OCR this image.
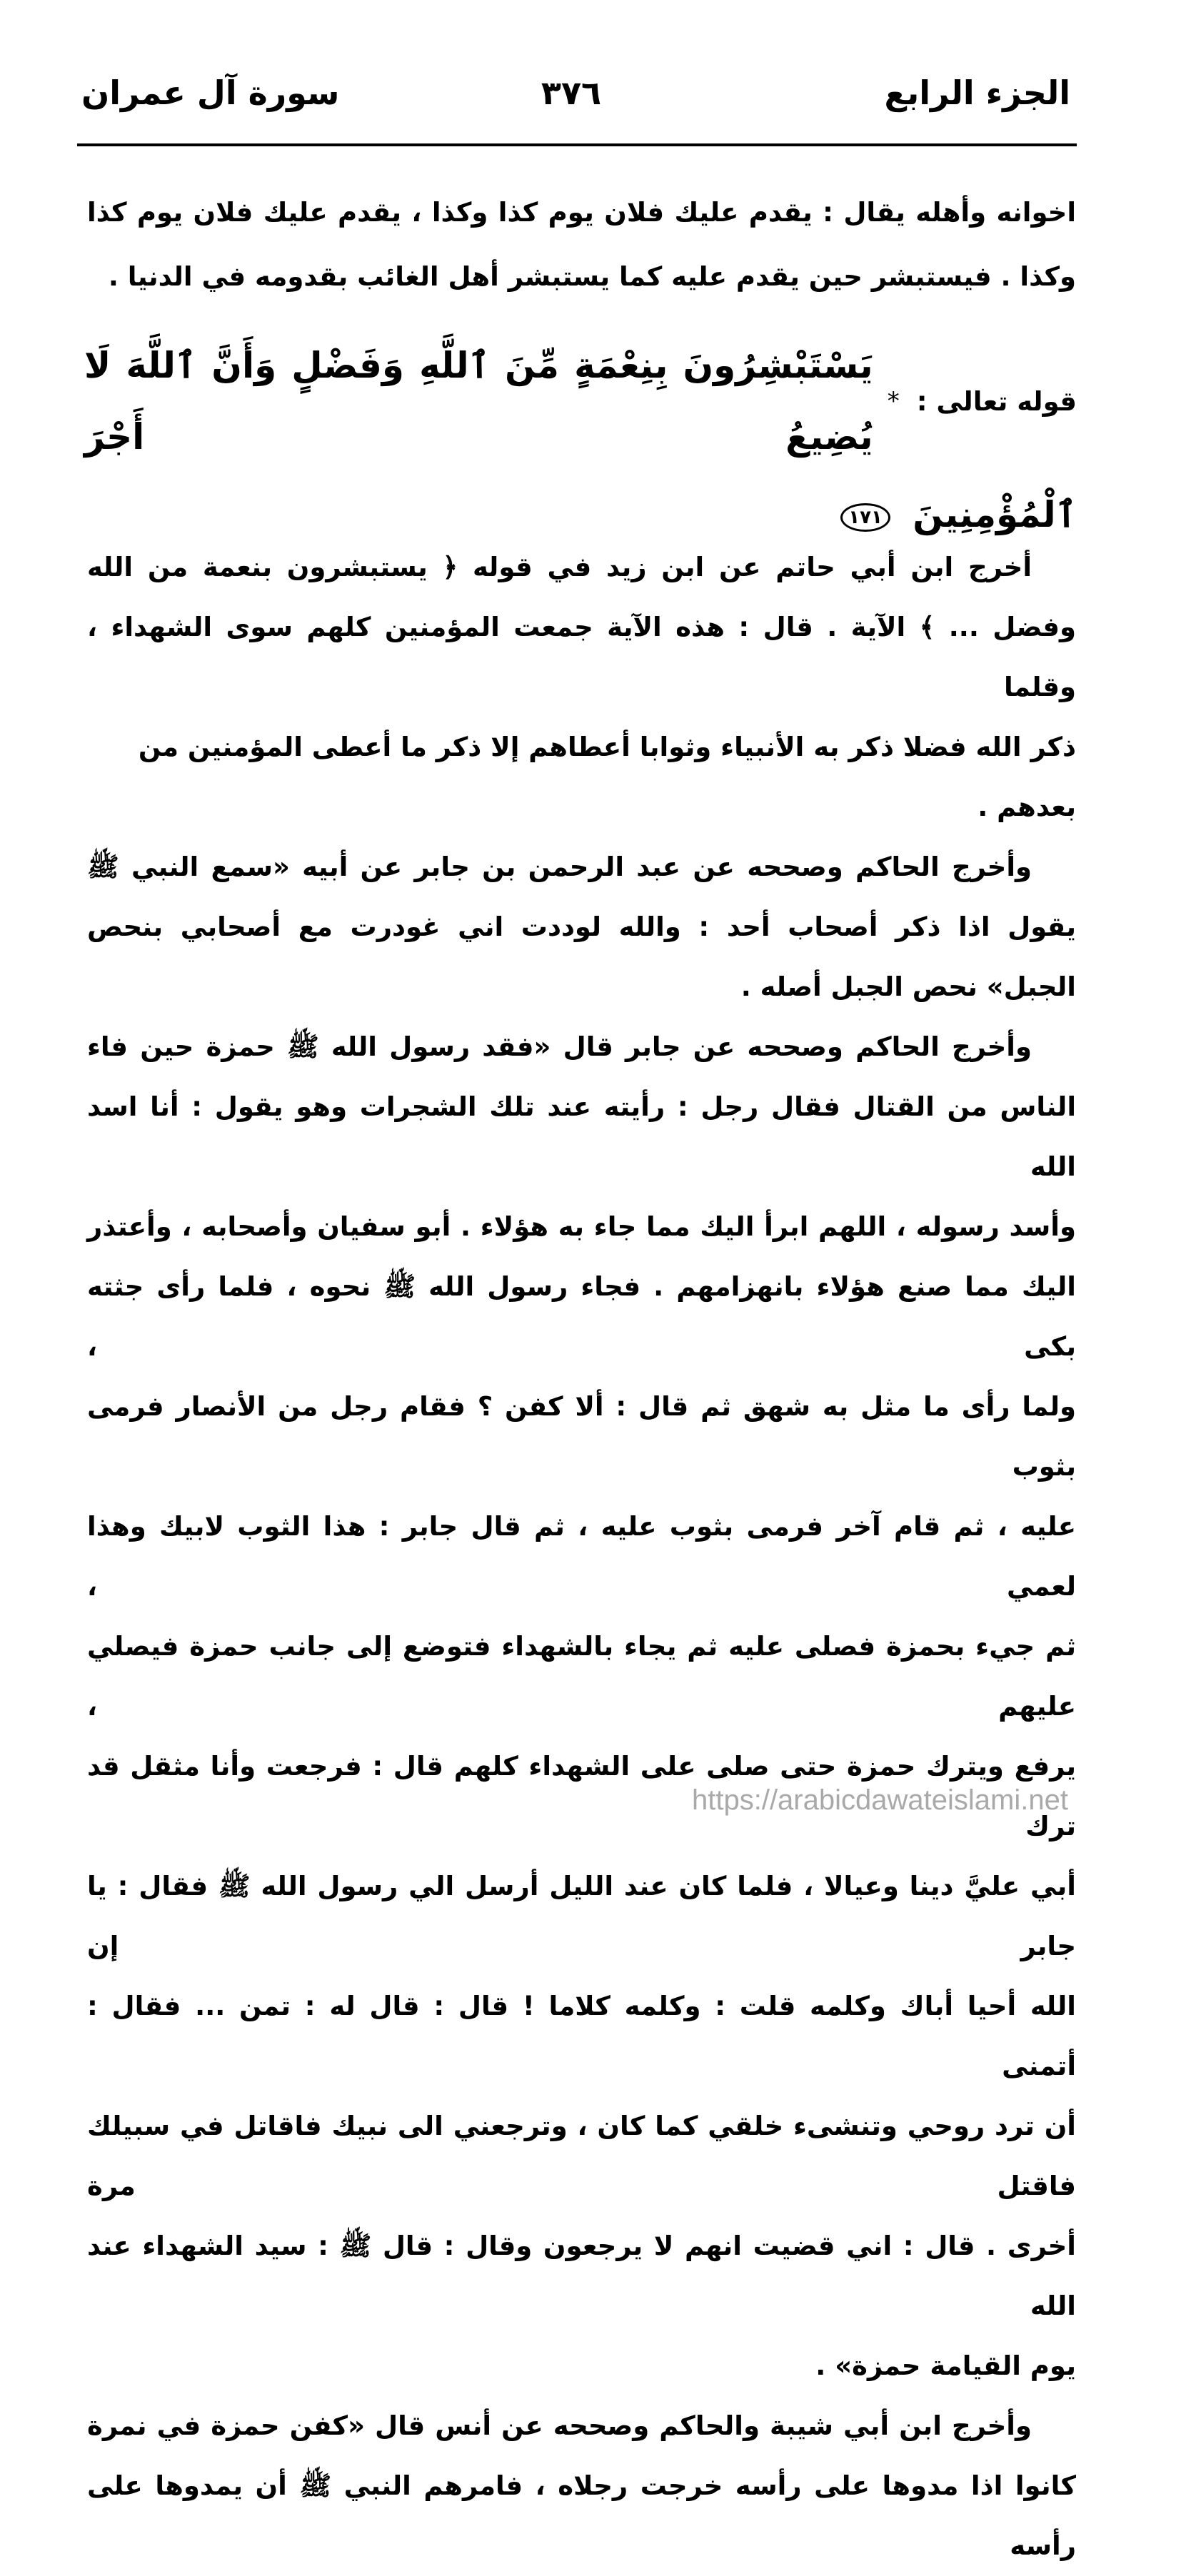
الجزء الرابع
٣٧٦
سورة آل عمران
اخوانه وأهله يقال : يقدم عليك فلان يوم كذا وكذا ، يقدم عليك فلان يوم كذا
وكذا . فيستبشر حين يقدم عليه كما يستبشر أهل الغائب بقدومه في الدنيا .
قوله تعالى :
*
يَسْتَبْشِرُونَ بِنِعْمَةٍ مِّنَ ٱللَّهِ وَفَضْلٍ وَأَنَّ ٱللَّهَ لَا يُضِيعُ أَجْرَ
ٱلْمُؤْمِنِينَ ١٧١
أخرج ابن أبي حاتم عن ابن زيد في قوله ﴿ يستبشرون بنعمة من الله
وفضل ... ﴾ الآية . قال : هذه الآية جمعت المؤمنين كلهم سوى الشهداء ، وقلما
ذكر الله فضلا ذكر به الأنبياء وثوابا أعطاهم إلا ذكر ما أعطى المؤمنين من بعدهم .
وأخرج الحاكم وصححه عن عبد الرحمن بن جابر عن أبيه «سمع النبي ﷺ
يقول اذا ذكر أصحاب أحد : والله لوددت اني غودرت مع أصحابي بنحص
الجبل» نحص الجبل أصله .
وأخرج الحاكم وصححه عن جابر قال «فقد رسول الله ﷺ حمزة حين فاء
الناس من القتال فقال رجل : رأيته عند تلك الشجرات وهو يقول : أنا اسد الله
وأسد رسوله ، اللهم ابرأ اليك مما جاء به هؤلاء . أبو سفيان وأصحابه ، وأعتذر
اليك مما صنع هؤلاء بانهزامهم . فجاء رسول الله ﷺ نحوه ، فلما رأى جثته بكى ،
ولما رأى ما مثل به شهق ثم قال : ألا كفن ؟ فقام رجل من الأنصار فرمى بثوب
عليه ، ثم قام آخر فرمى بثوب عليه ، ثم قال جابر : هذا الثوب لابيك وهذا لعمي ،
ثم جيء بحمزة فصلى عليه ثم يجاء بالشهداء فتوضع إلى جانب حمزة فيصلي عليهم ،
يرفع ويترك حمزة حتى صلى على الشهداء كلهم قال : فرجعت وأنا مثقل قد ترك
أبي عليَّ دينا وعيالا ، فلما كان عند الليل أرسل الي رسول الله ﷺ فقال : يا جابر إن
الله أحيا أباك وكلمه قلت : وكلمه كلاما ! قال : قال له : تمن ... فقال : أتمنى
أن ترد روحي وتنشىء خلقي كما كان ، وترجعني الى نبيك فاقاتل في سبيلك فاقتل مرة
أخرى . قال : اني قضيت انهم لا يرجعون وقال : قال ﷺ : سيد الشهداء عند الله
يوم القيامة حمزة» .
وأخرج ابن أبي شيبة والحاكم وصححه عن أنس قال «كفن حمزة في نمرة
كانوا اذا مدوها على رأسه خرجت رجلاه ، فامرهم النبي ﷺ أن يمدوها على رأسه
https://arabicdawateislami.net
